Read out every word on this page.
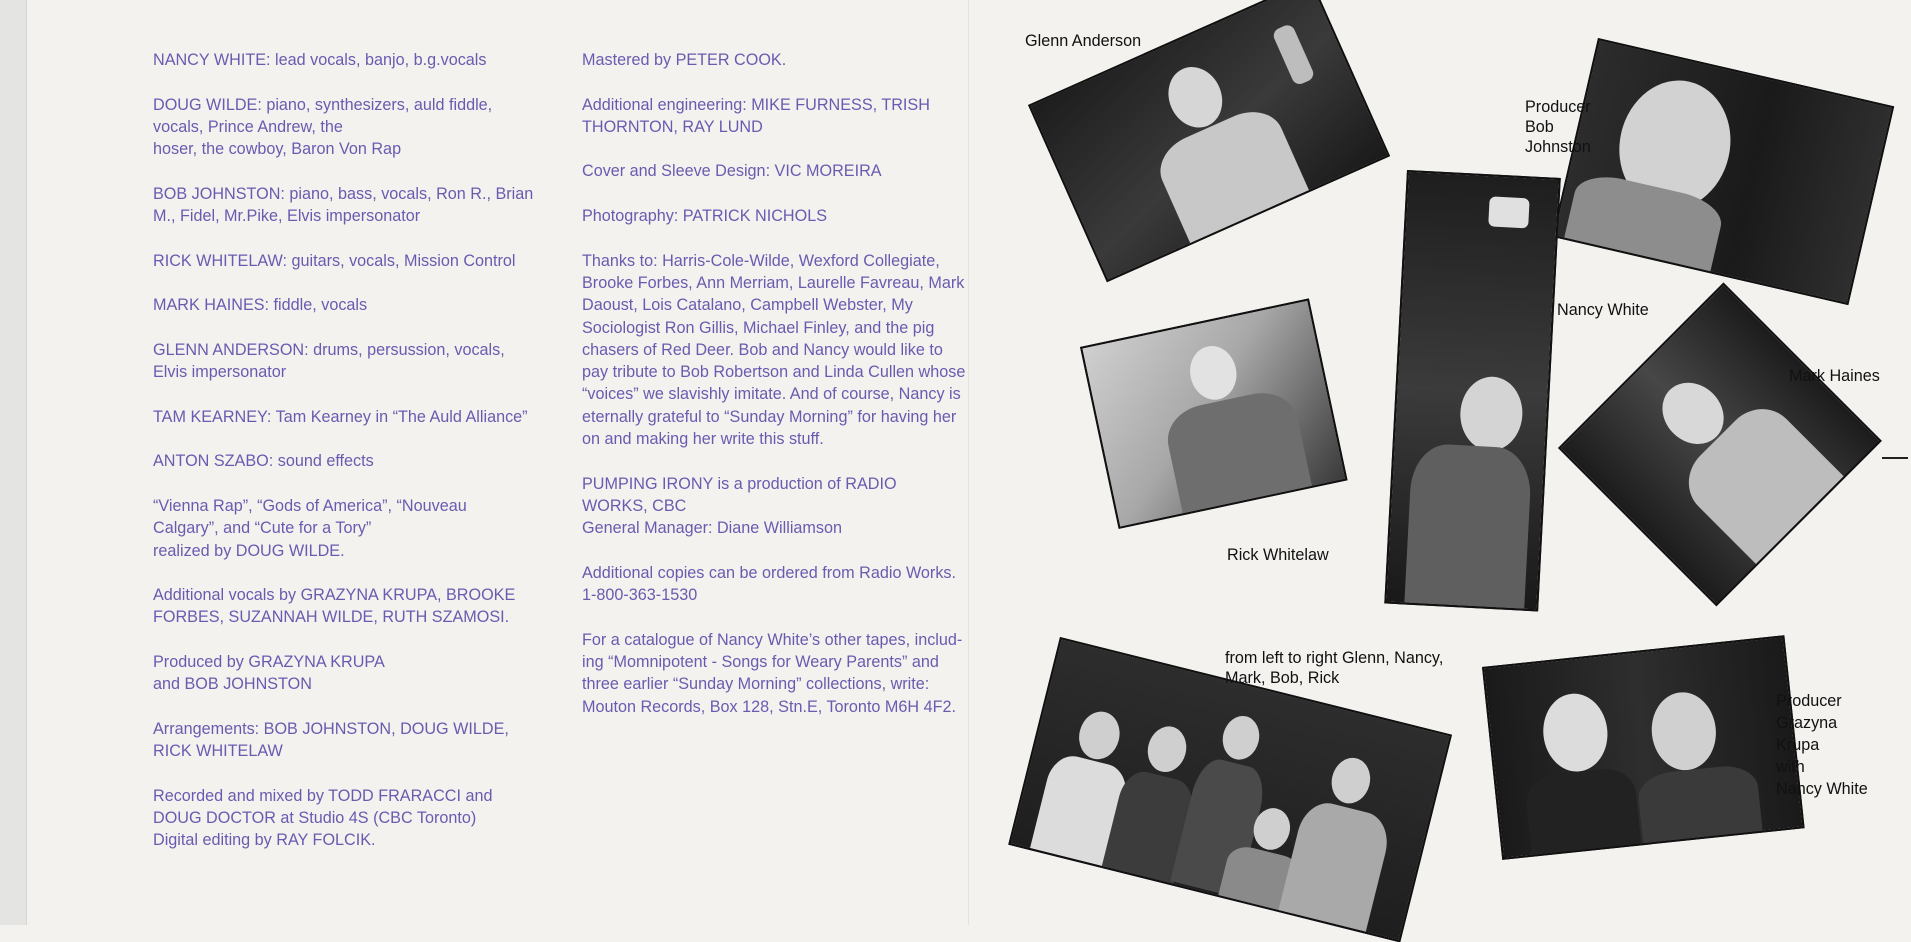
NANCY WHITE: lead vocals, banjo, b.g.vocals

DOUG WILDE: piano, synthesizers, auld fiddle,
vocals, Prince Andrew, the
hoser, the cowboy, Baron Von Rap

BOB JOHNSTON: piano, bass, vocals, Ron R., Brian
M., Fidel, Mr.Pike, Elvis impersonator

RICK WHITELAW: guitars, vocals, Mission Control

MARK HAINES: fiddle, vocals

GLENN ANDERSON: drums, persussion, vocals,
Elvis impersonator

TAM KEARNEY: Tam Kearney in “The Auld Alliance”

ANTON SZABO: sound effects

“Vienna Rap”, “Gods of America”, “Nouveau
Calgary”, and “Cute for a Tory”
realized by DOUG WILDE.

Additional vocals by GRAZYNA KRUPA, BROOKE
FORBES, SUZANNAH WILDE, RUTH SZAMOSI.

Produced by GRAZYNA KRUPA
and BOB JOHNSTON

Arrangements: BOB JOHNSTON, DOUG WILDE,
RICK WHITELAW

Recorded and mixed by TODD FRARACCI and
DOUG DOCTOR at Studio 4S (CBC Toronto)
Digital editing by RAY FOLCIK.

Mastered by PETER COOK.

Additional engineering: MIKE FURNESS, TRISH
THORNTON, RAY LUND

Cover and Sleeve Design: VIC MOREIRA

Photography: PATRICK NICHOLS

Thanks to: Harris-Cole-Wilde, Wexford Collegiate,
Brooke Forbes, Ann Merriam, Laurelle Favreau, Mark
Daoust, Lois Catalano, Campbell Webster, My
Sociologist Ron Gillis, Michael Finley, and the pig
chasers of Red Deer. Bob and Nancy would like to
pay tribute to Bob Robertson and Linda Cullen whose
“voices” we slavishly imitate. And of course, Nancy is
eternally grateful to “Sunday Morning” for having her
on and making her write this stuff.

PUMPING IRONY is a production of RADIO
WORKS, CBC
General Manager: Diane Williamson

Additional copies can be ordered from Radio Works.
1-800-363-1530

For a catalogue of Nancy White’s other tapes, includ-
ing “Momnipotent - Songs for Weary Parents” and
three earlier “Sunday Morning” collections, write:
Mouton Records, Box 128, Stn.E, Toronto M6H 4F2.

Glenn Anderson
Producer
Bob
Johnston
Nancy White
Mark Haines
Rick Whitelaw
from left to right Glenn, Nancy,
Mark, Bob, Rick
Producer
Grazyna
Krupa
with
Nancy White
